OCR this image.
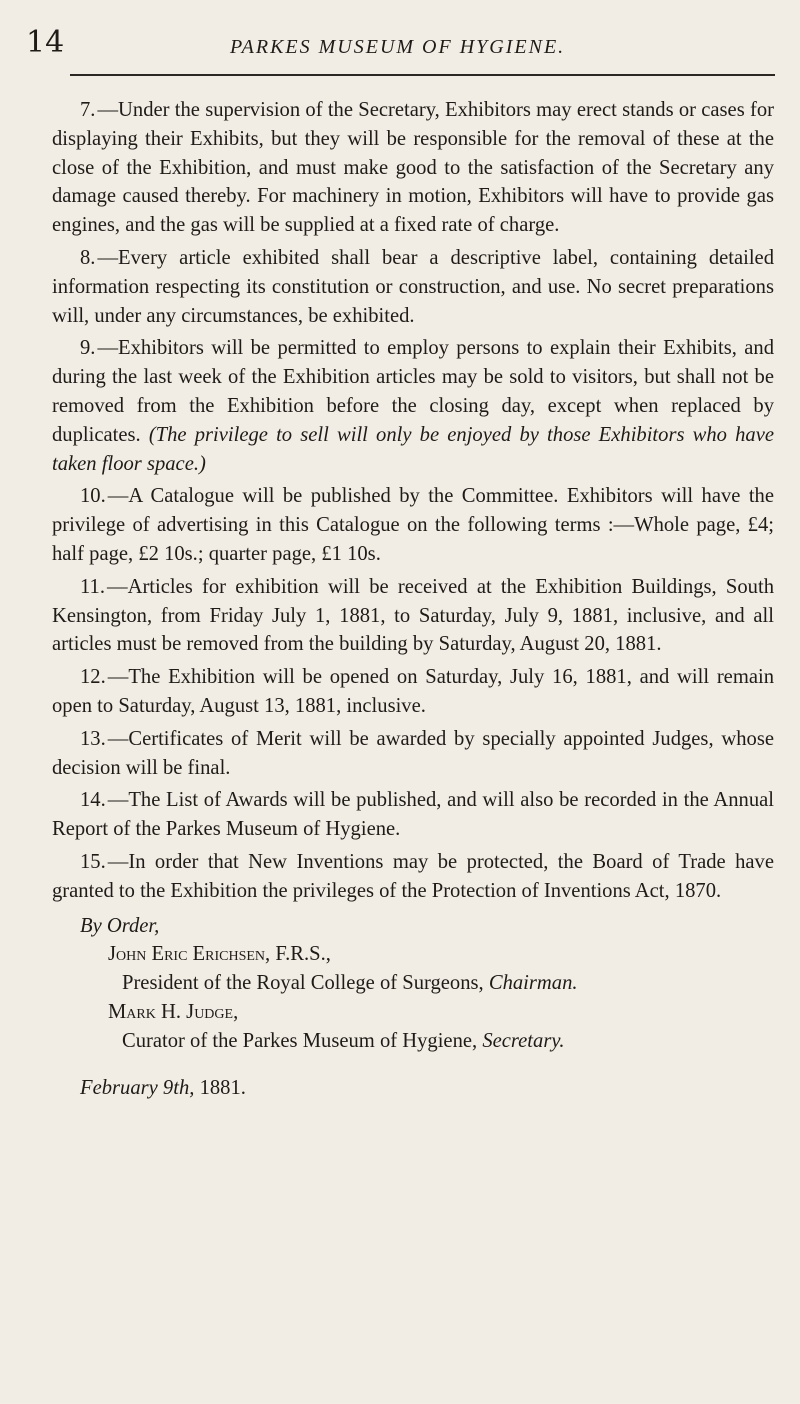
14	PARKES MUSEUM OF HYGIENE.

7.—Under the supervision of the Secretary, Exhibitors may erect stands or cases for displaying their Exhibits, but they will be responsible for the removal of these at the close of the Exhibition, and must make good to the satisfaction of the Secretary any damage caused thereby. For machinery in motion, Exhibitors will have to provide gas engines, and the gas will be supplied at a fixed rate of charge.

8.—Every article exhibited shall bear a descriptive label, containing detailed information respecting its constitution or construction, and use. No secret preparations will, under any circumstances, be exhibited.

9.—Exhibitors will be permitted to employ persons to explain their Exhibits, and during the last week of the Exhibition articles may be sold to visitors, but shall not be removed from the Exhibition before the closing day, except when replaced by duplicates. (The privilege to sell will only be enjoyed by those Exhibitors who have taken floor space.)

10.—A Catalogue will be published by the Committee. Exhibitors will have the privilege of advertising in this Catalogue on the following terms :—Whole page, £4; half page, £2 10s.; quarter page, £1 10s.

11.—Articles for exhibition will be received at the Exhibition Buildings, South Kensington, from Friday July 1, 1881, to Saturday, July 9, 1881, inclusive, and all articles must be removed from the building by Saturday, August 20, 1881.

12.—The Exhibition will be opened on Saturday, July 16, 1881, and will remain open to Saturday, August 13, 1881, inclusive.

13.—Certificates of Merit will be awarded by specially appointed Judges, whose decision will be final.

14.—The List of Awards will be published, and will also be recorded in the Annual Report of the Parkes Museum of Hygiene.

15.—In order that New Inventions may be protected, the Board of Trade have granted to the Exhibition the privileges of the Protection of Inventions Act, 1870.

By Order,
John Eric Erichsen, F.R.S.,
President of the Royal College of Surgeons, Chairman.
Mark H. Judge,
Curator of the Parkes Museum of Hygiene, Secretary.
February 9th, 1881.
